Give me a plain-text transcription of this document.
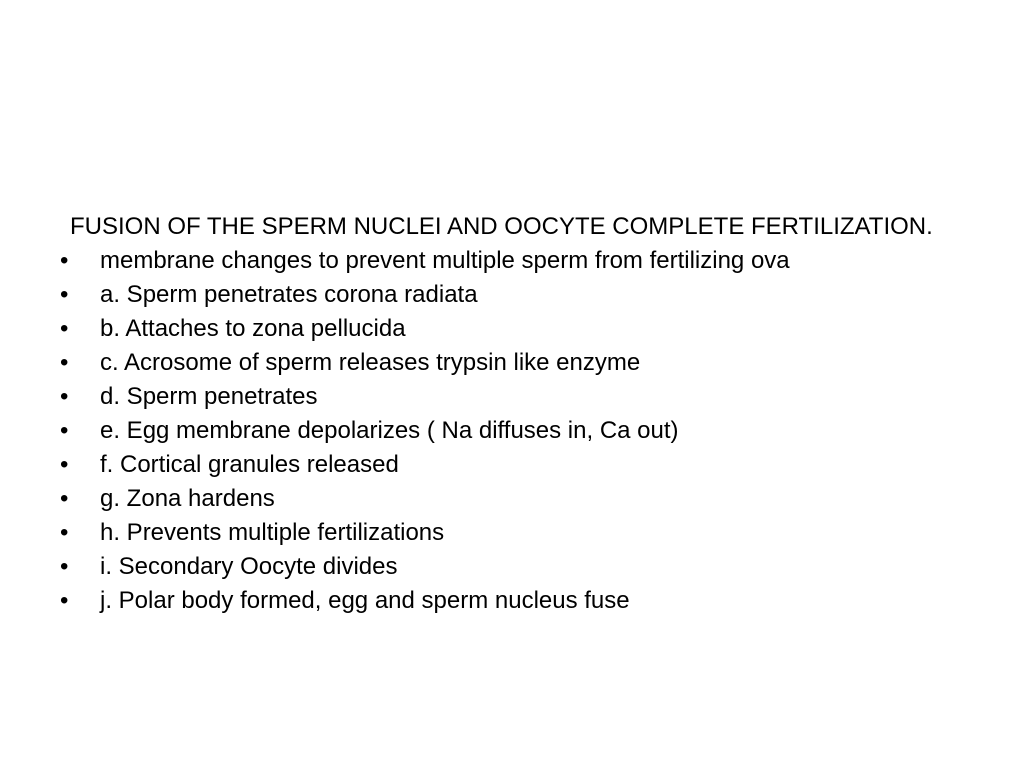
FUSION OF THE SPERM NUCLEI AND OOCYTE COMPLETE FERTILIZATION.
• membrane changes to prevent multiple sperm from fertilizing ova
• a. Sperm penetrates corona radiata
• b. Attaches to zona pellucida
• c. Acrosome of sperm releases trypsin like enzyme
• d. Sperm penetrates
• e. Egg membrane depolarizes ( Na diffuses in, Ca out)
• f. Cortical granules released
• g. Zona hardens
• h. Prevents multiple fertilizations
• i. Secondary Oocyte divides
• j. Polar body formed, egg and sperm nucleus fuse
